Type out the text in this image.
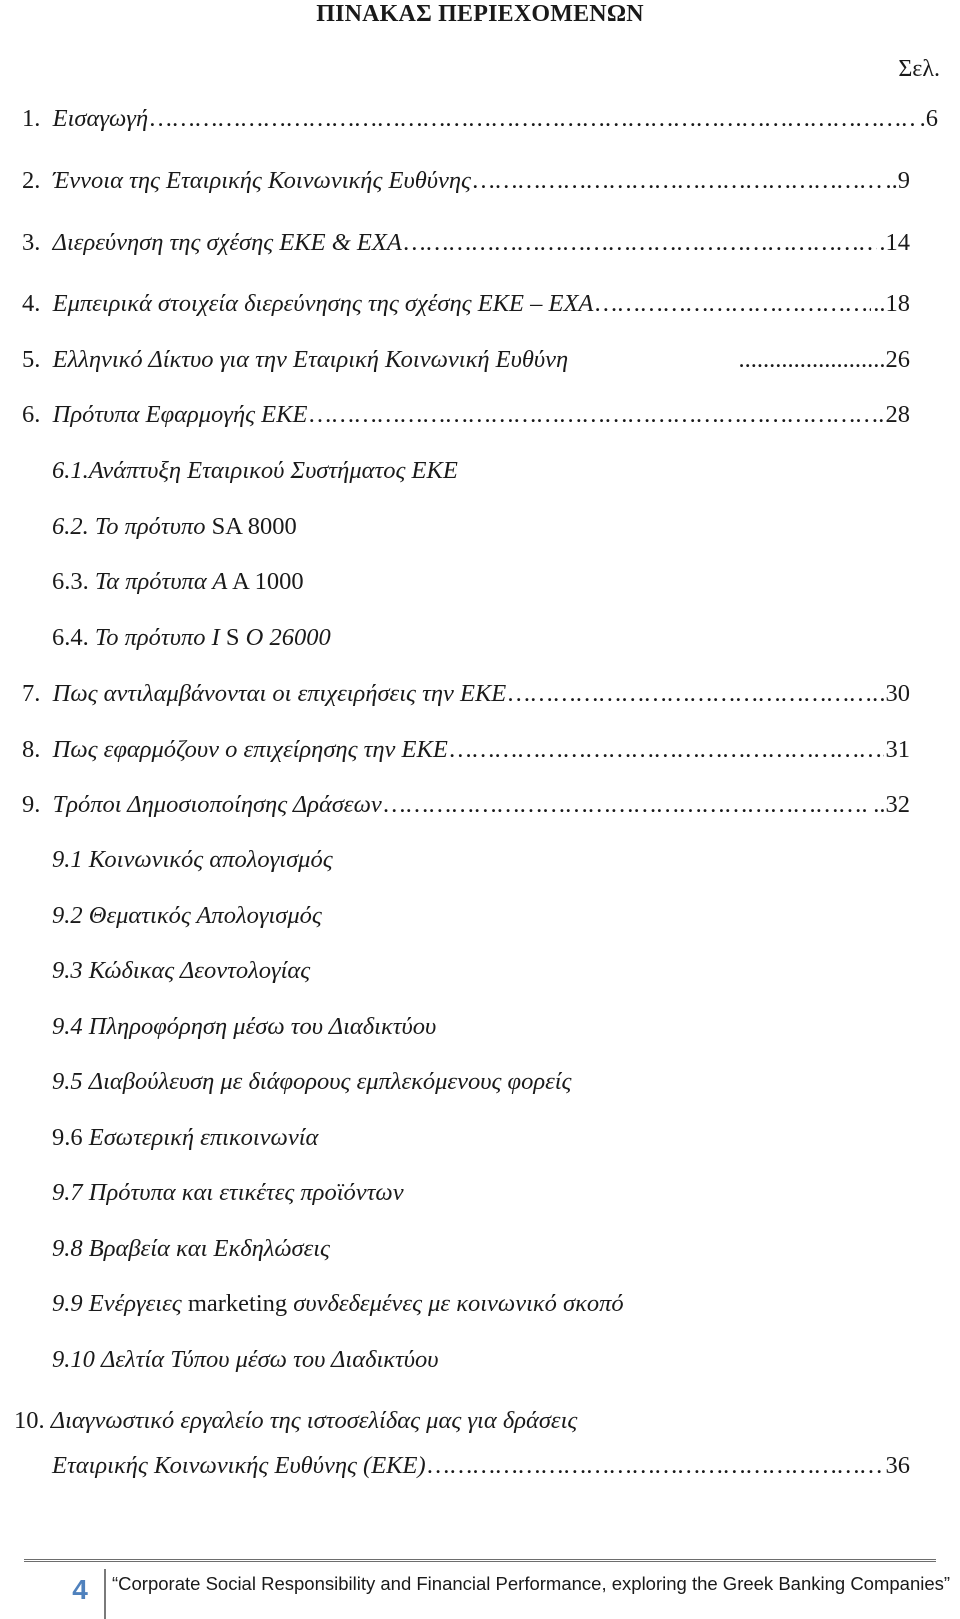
ΠΙΝΑΚΑΣ ΠΕΡΙΕΧΟΜΕΝΩΝ
Σελ.
1.
Εισαγωγή …………………………………………………………………………………………………………………………………………………………	.6
2.
Έννοια της Εταιρικής Κοινωνικής Ευθύνης …………………………………………………………………………………………………………………………………………………………	..9
3.
Διερεύνηση της σχέσης ΕΚΕ & ΕΧΑ …………………………………………………………………………………………………………………………………………………………	.14
4.
Εμπειρικά στοιχεία διερεύνησης της σχέσης ΕΚΕ – ΕΧΑ …………………………………………………………………………………………………………………………………………………………	..18
5.
Ελληνικό Δίκτυο για την Εταιρική Κοινωνική Ευθύνη	........................26
6.
Πρότυπα Εφαρμογής ΕΚΕ …………………………………………………………………………………………………………………………………………………………	28
6.1. Ανάπτυξη Εταιρικού Συστήματος ΕΚΕ
6.2.
Το πρότυπο SA 8000
6.3.
Τα πρότυπα Α A 1000
6.4.
Το πρότυπο Ι S O 26000
7.
Πως αντιλαμβάνονται οι επιχειρήσεις την ΕΚΕ …………………………………………………………………………………………………………………………………………………………	.30
8.
Πως εφαρμόζουν ο επιχείρησης την ΕΚΕ …………………………………………………………………………………………………………………………………………………………	31
9.
Τρόποι Δημοσιοποίησης Δράσεων …………………………………………………………………………………………………………………………………………………………	..32
9.1
Κοινωνικός απολογισμός
9.2
Θεματικός Απολογισμός
9.3
Κώδικας Δεοντολογίας
9.4
Πληροφόρηση μέσω του Διαδικτύου
9.5
Διαβούλευση με διάφορους εμπλεκόμενους φορείς
9.6
Εσωτερική επικοινωνία
9.7
Πρότυπα και ετικέτες προϊόντων
9.8
Βραβεία και Εκδηλώσεις
9.9
Ενέργειες marketing συνδεδεμένες με κοινωνικό σκοπό
9.10
Δελτία Τύπου μέσω του Διαδικτύου
10.
Διαγνωστικό εργαλείο της ιστοσελίδας μας για δράσεις
Εταιρικής Κοινωνικής Ευθύνης (ΕΚΕ) …………………………………………………………………………………………………………………………………………………………	36
4	“Corporate Social Responsibility and Financial Performance, exploring the Greek Banking Companies”
